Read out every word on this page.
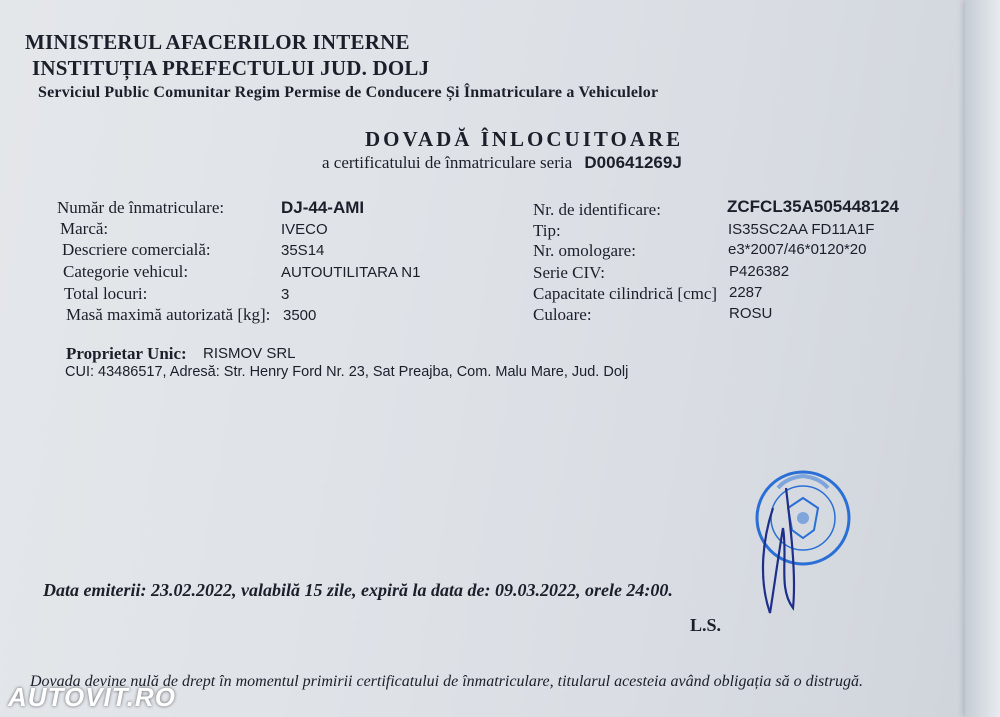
MINISTERUL AFACERILOR INTERNE
INSTITUȚIA PREFECTULUI JUD. DOLJ
Serviciul Public Comunitar Regim Permise de Conducere Și Înmatriculare a Vehiculelor
DOVADĂ ÎNLOCUITOARE
a certificatului de înmatriculare seria D00641269J
Număr de înmatriculare:	DJ-44-AMI
Marcă:	IVECO
Descriere comercială:	35S14
Categorie vehicul:	AUTOUTILITARA N1
Total locuri:	3
Masă maximă autorizată [kg]: 3500
Nr. de identificare:	ZCFCL35A505448124
Tip:	IS35SC2AA FD11A1F
Nr. omologare:	e3*2007/46*0120*20
Serie CIV:	P426382
Capacitate cilindrică [cmc] 2287
Culoare:	ROSU
Proprietar Unic: RISMOV SRL
CUI: 43486517, Adresă: Str. Henry Ford Nr. 23, Sat Preajba, Com. Malu Mare, Jud. Dolj
Data emiterii: 23.02.2022, valabilă 15 zile, expiră la data de: 09.03.2022, orele 24:00.
L.S.
Dovada devine nulă de drept în momentul primirii certificatului de înmatriculare, titularul acesteia având obligația să o distrugă.
AUTOVIT.RO
